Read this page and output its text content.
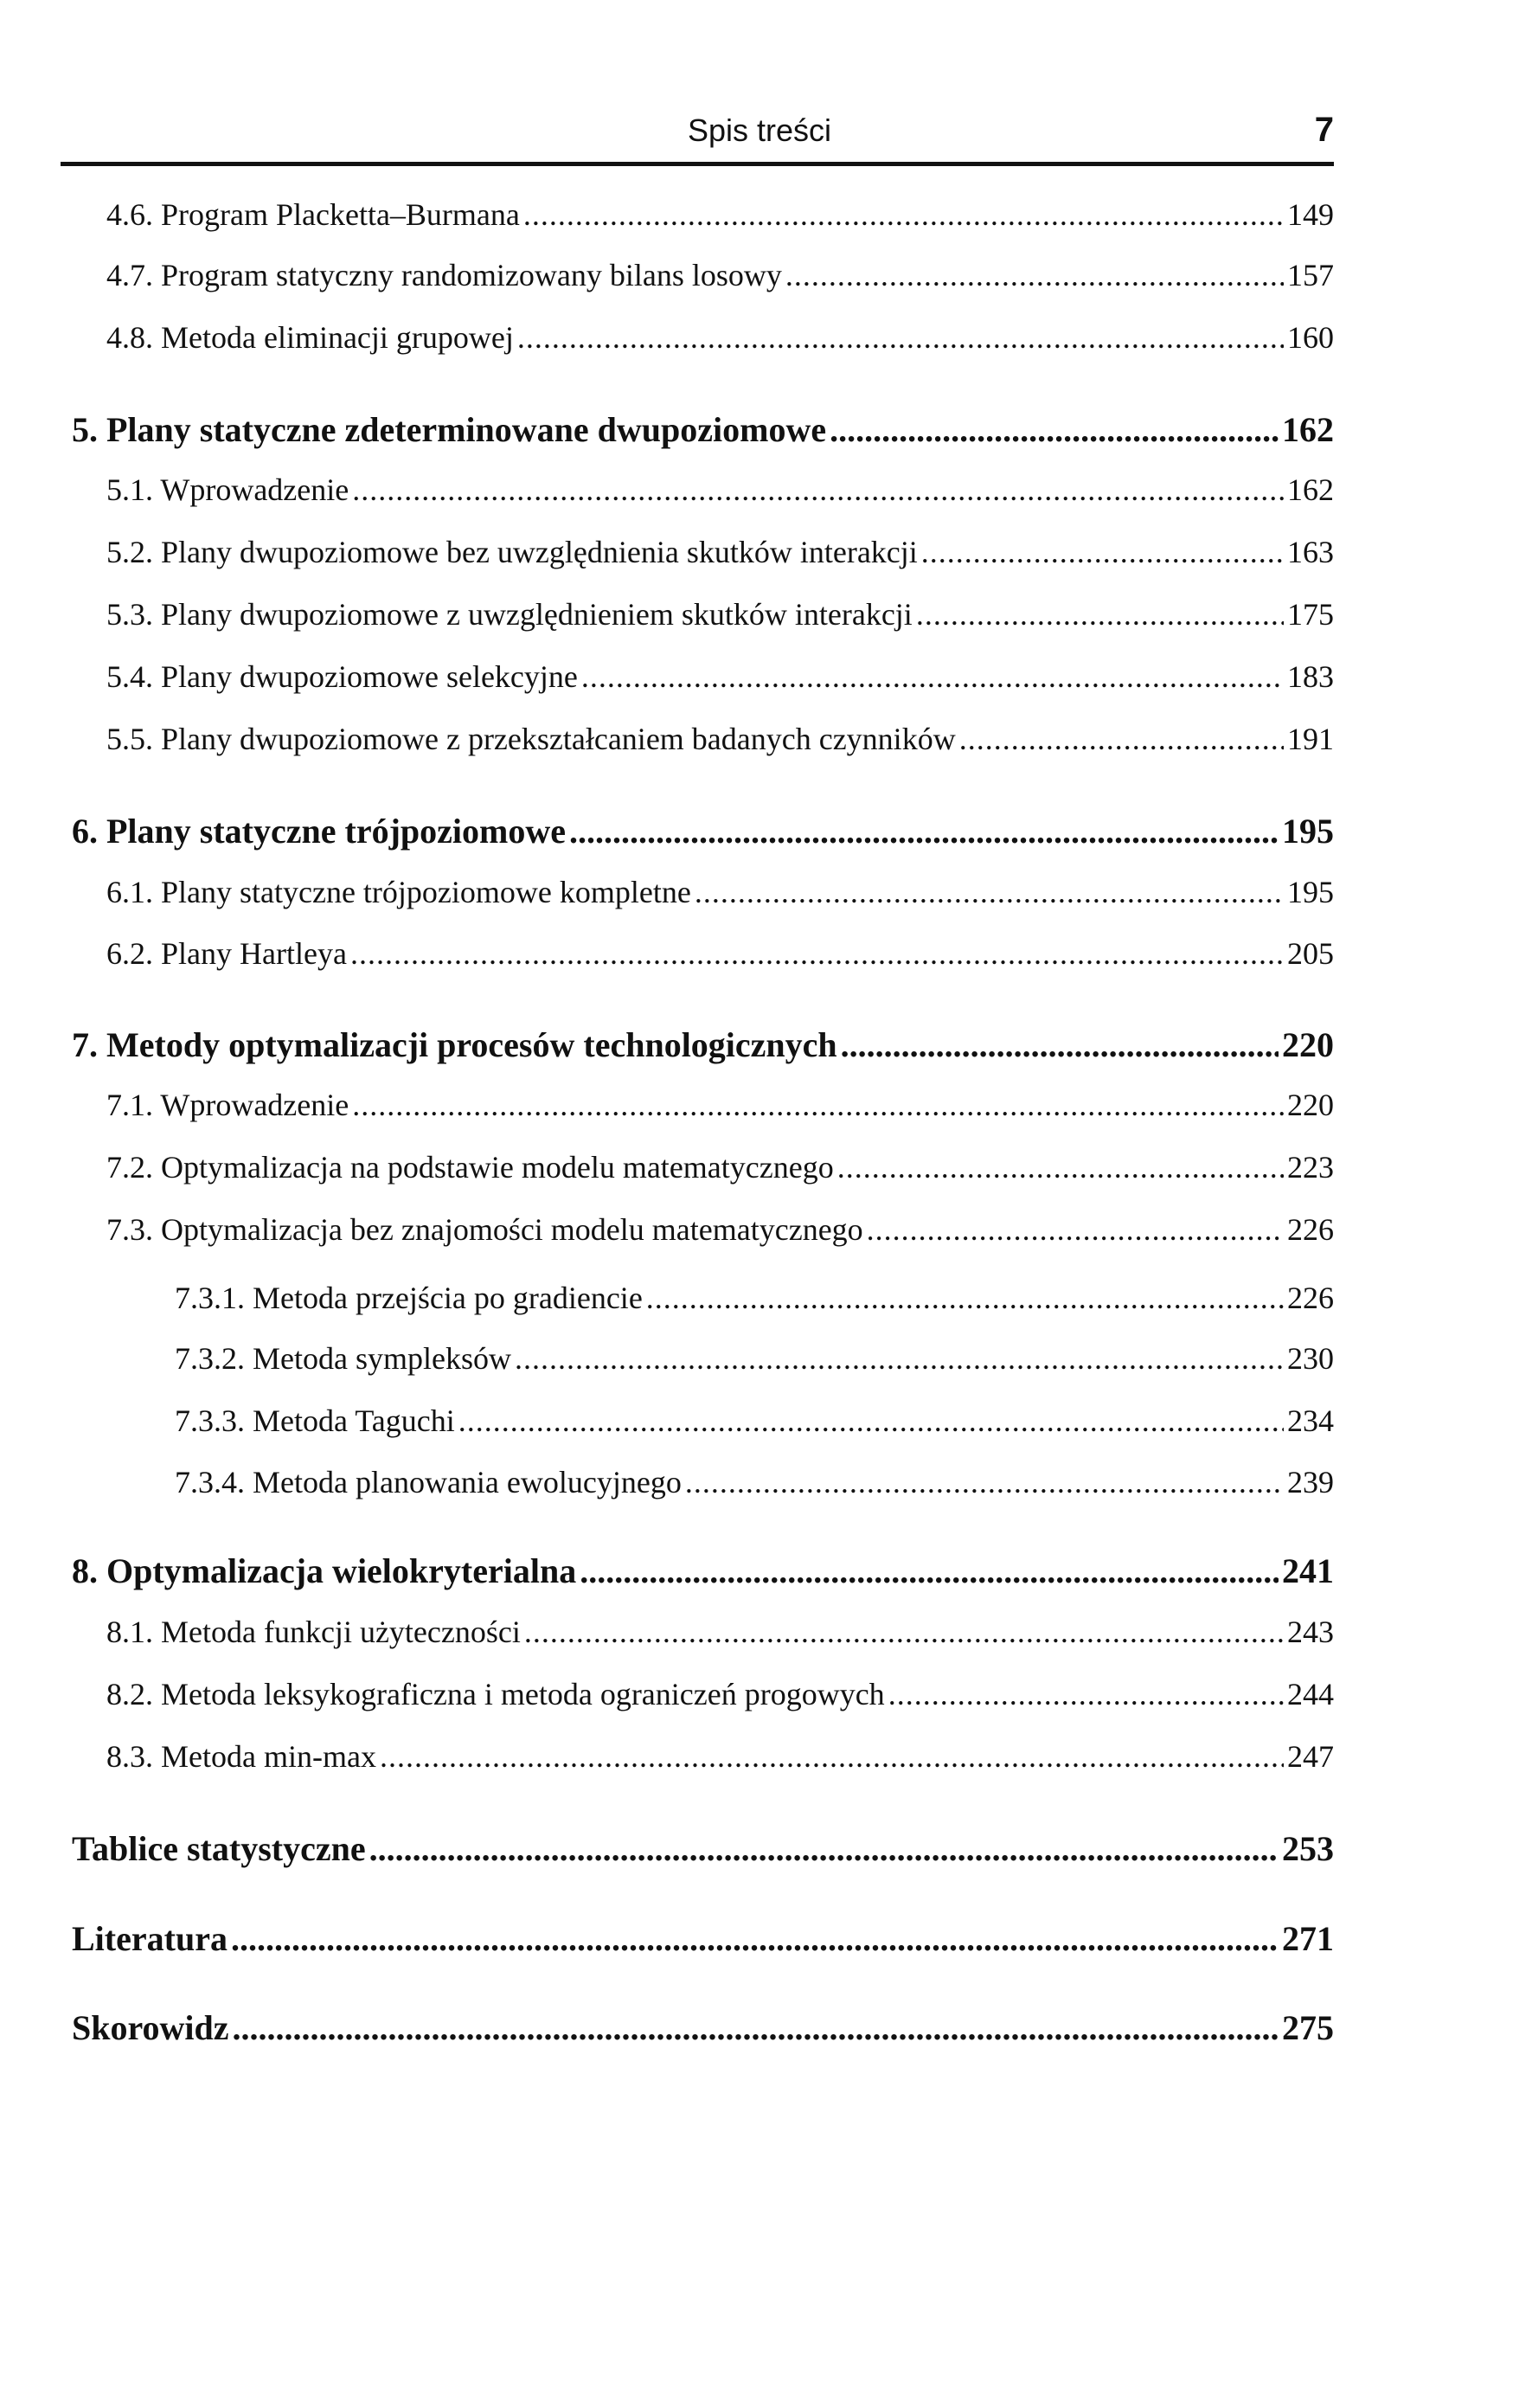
Spis treści	7
4.6. Program Placketta–Burmana .....	149
4.7. Program statyczny randomizowany bilans losowy .....	157
4.8. Metoda eliminacji grupowej .....	160
5. Plany statyczne zdeterminowane dwupoziomowe .....	162
5.1. Wprowadzenie .....	162
5.2. Plany dwupoziomowe bez uwzględnienia skutków interakcji .....	163
5.3. Plany dwupoziomowe z uwzględnieniem skutków interakcji .....	175
5.4. Plany dwupoziomowe selekcyjne .....	183
5.5. Plany dwupoziomowe z przekształcaniem badanych czynników .....	191
6. Plany statyczne trójpoziomowe .....	195
6.1. Plany statyczne trójpoziomowe kompletne .....	195
6.2. Plany Hartleya .....	205
7. Metody optymalizacji procesów technologicznych .....	220
7.1. Wprowadzenie .....	220
7.2. Optymalizacja na podstawie modelu matematycznego .....	223
7.3. Optymalizacja bez znajomości modelu matematycznego .....	226
7.3.1. Metoda przejścia po gradiencie .....	226
7.3.2. Metoda sympleksów .....	230
7.3.3. Metoda Taguchi .....	234
7.3.4. Metoda planowania ewolucyjnego .....	239
8. Optymalizacja wielokryterialna .....	241
8.1. Metoda funkcji użyteczności .....	243
8.2. Metoda leksykograficzna i metoda ograniczeń progowych .....	244
8.3. Metoda min-max .....	247
Tablice statystyczne .....	253
Literatura .....	271
Skorowidz .....	275
